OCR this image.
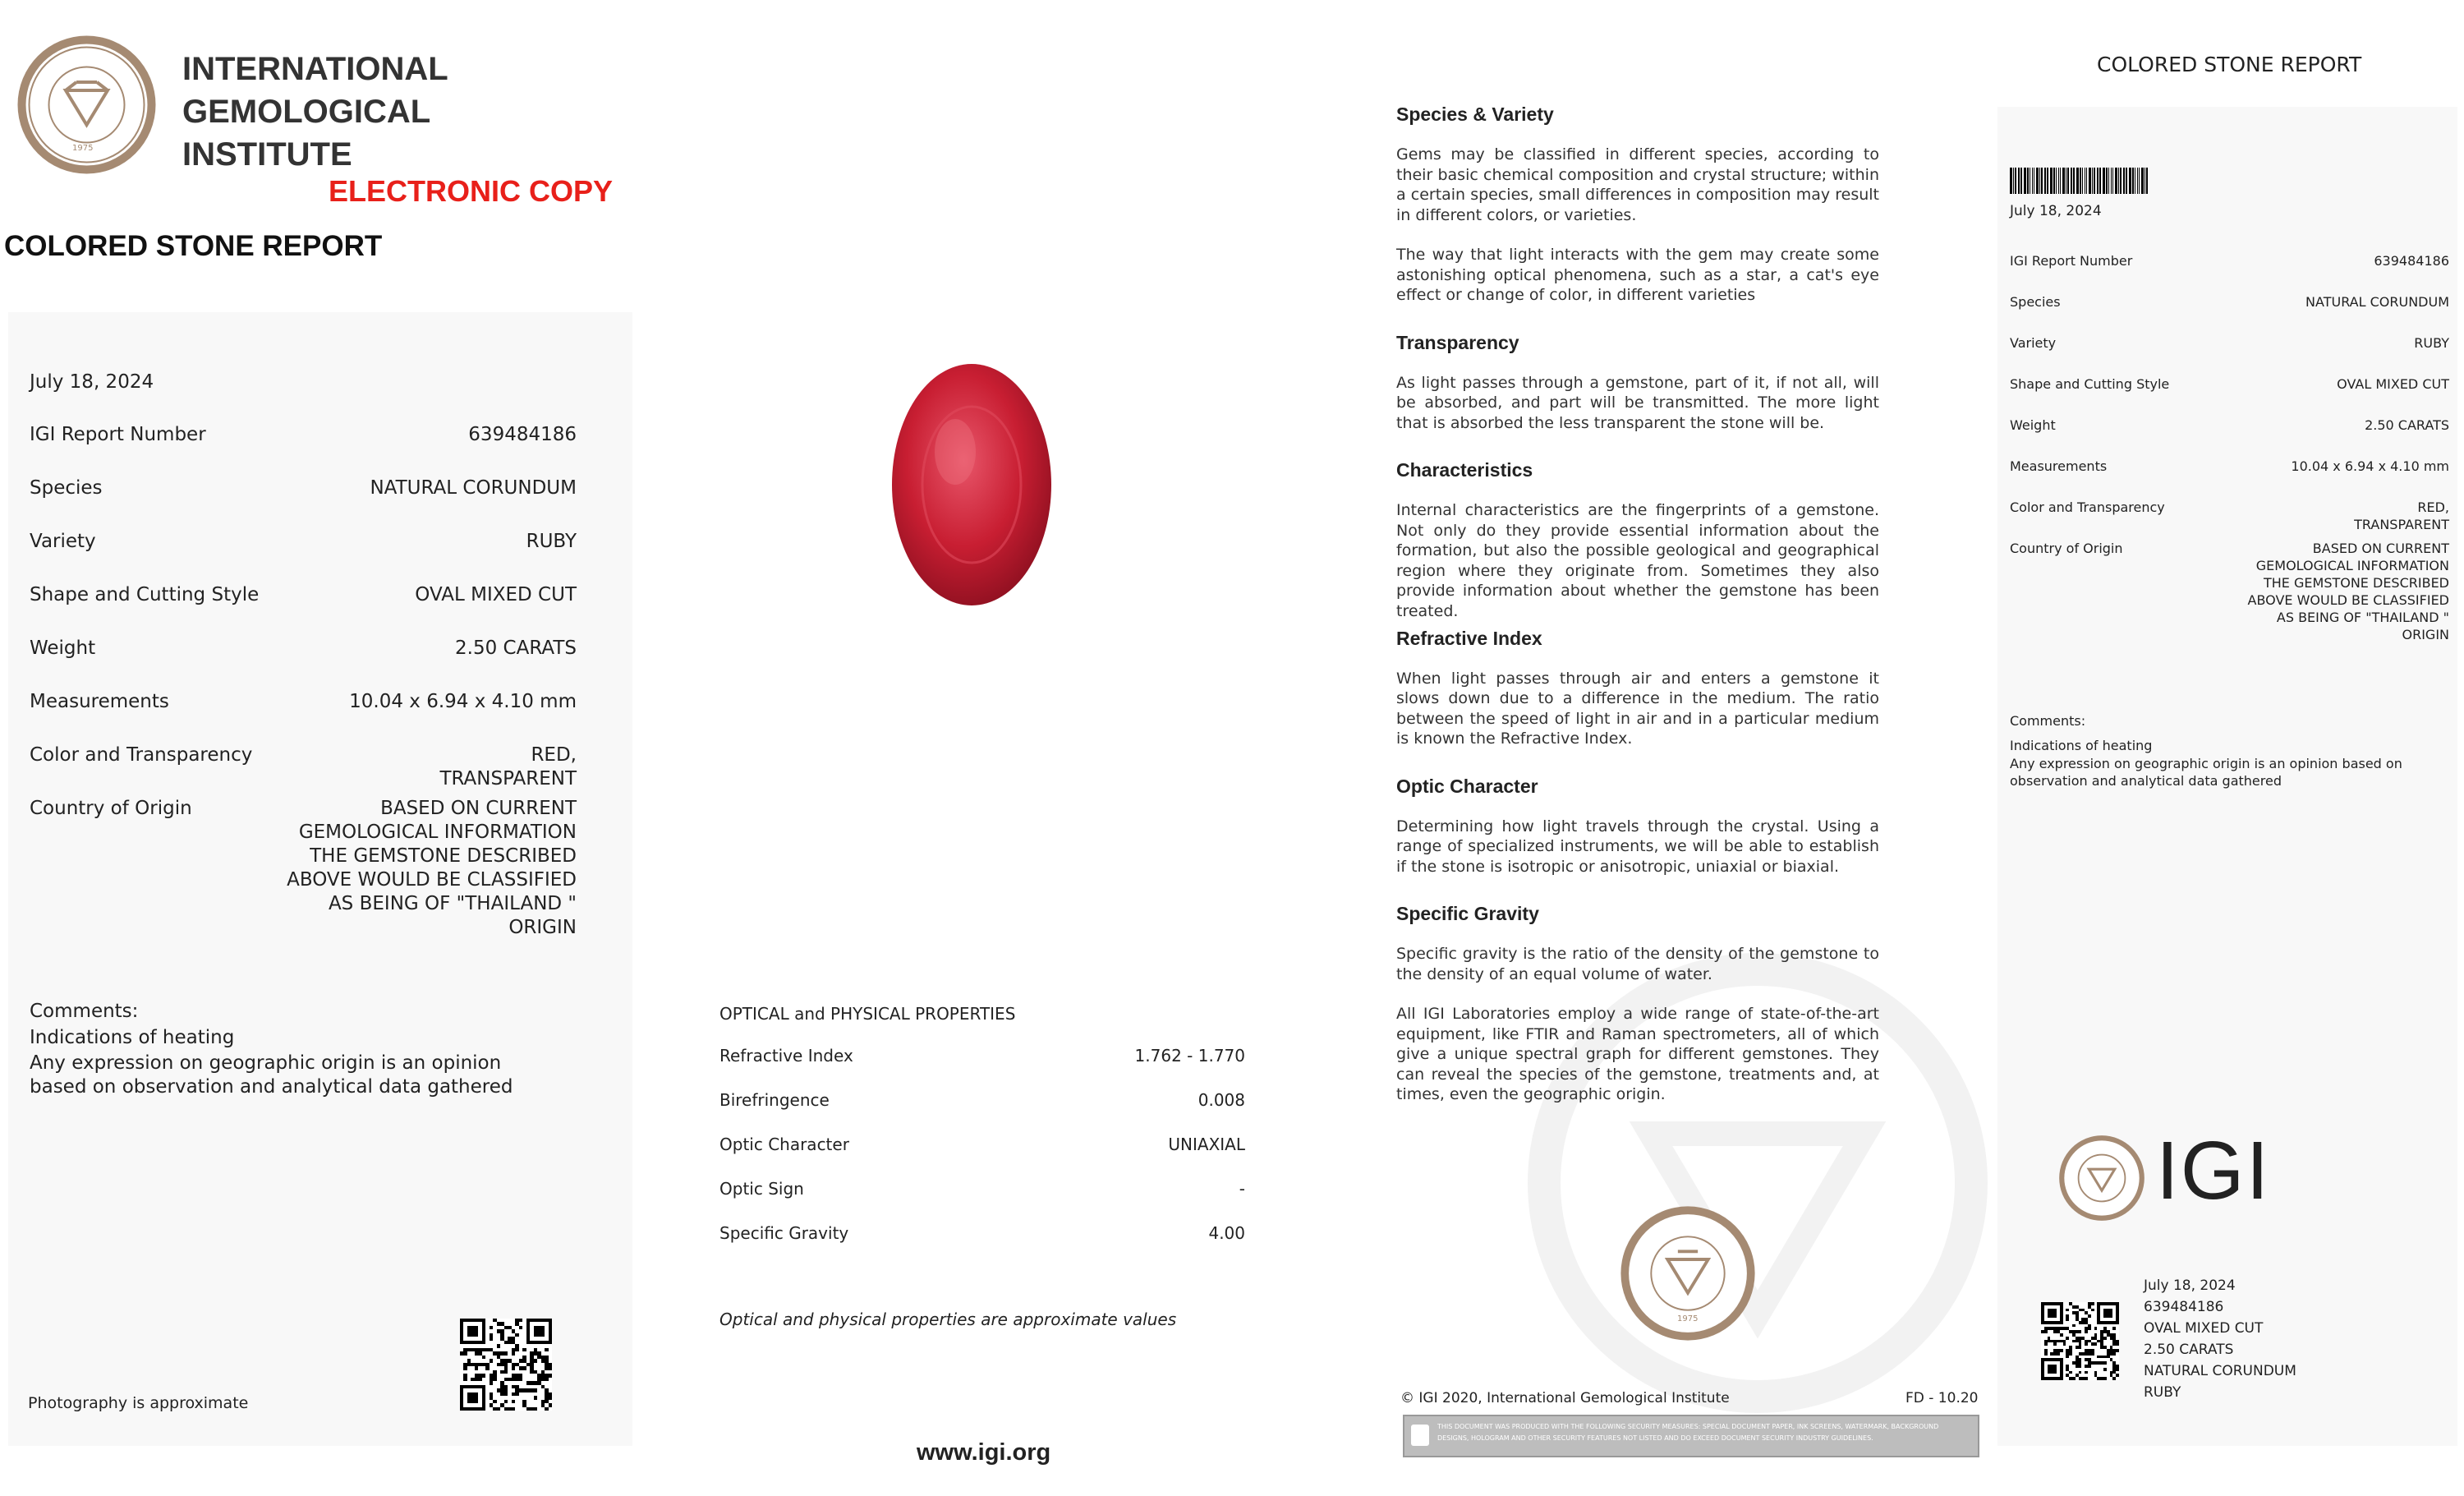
1975
INTERNATIONAL
GEMOLOGICAL
INSTITUTE
ELECTRONIC COPY
COLORED STONE REPORT
July 18, 2024
IGI Report Number	639484186
Species	NATURAL CORUNDUM
Variety	RUBY
Shape and Cutting Style	OVAL MIXED CUT
Weight	2.50 CARATS
Measurements	10.04 x 6.94 x 4.10 mm
Color and Transparency	RED,
TRANSPARENT
Country of Origin	BASED ON CURRENT
GEMOLOGICAL INFORMATION
THE GEMSTONE DESCRIBED
ABOVE WOULD BE CLASSIFIED
AS BEING OF "THAILAND "
ORIGIN
Comments:
Indications of heating
Any expression on geographic origin is an opinion based on observation and analytical data gathered
Photography is approximate
OPTICAL and PHYSICAL PROPERTIES
Refractive Index	1.762 - 1.770
Birefringence	0.008
Optic Character	UNIAXIAL
Optic Sign	-
Specific Gravity	4.00
Optical and physical properties are approximate values
www.igi.org
Species & Variety
Gems may be classified in different species, according to their basic chemical composition and crystal structure; within a certain species, small differences in composition may result in different colors, or varieties.
The way that light interacts with the gem may create some astonishing optical phenomena, such as a star, a cat's eye effect or change of color, in different varieties
Transparency
As light passes through a gemstone, part of it, if not all, will be absorbed, and part will be transmitted. The more light that is absorbed the less transparent the stone will be.
Characteristics
Internal characteristics are the fingerprints of a gemstone. Not only do they provide essential information about the formation, but also the possible geological and geographical region where they originate from. Sometimes they also provide information about whether the gemstone has been treated.
Refractive Index
When light passes through air and enters a gemstone it slows down due to a difference in the medium. The ratio between the speed of light in air and in a particular medium is known the Refractive Index.
Optic Character
Determining how light travels through the crystal. Using a range of specialized instruments, we will be able to establish if the stone is isotropic or anisotropic, uniaxial or biaxial.
Specific Gravity
Specific gravity is the ratio of the density of the gemstone to the density of an equal volume of water.
All IGI Laboratories employ a wide range of state-of-the-art equipment, like FTIR and Raman spectrometers, all of which give a unique spectral graph for different gemstones. They can reveal the species of the gemstone, treatments and, at times, even the geographic origin.
1975
© IGI 2020, International Gemological Institute	FD - 10.20
THIS DOCUMENT WAS PRODUCED WITH THE FOLLOWING SECURITY MEASURES: SPECIAL DOCUMENT PAPER, INK SCREENS, WATERMARK, BACKGROUND DESIGNS, HOLOGRAM AND OTHER SECURITY FEATURES NOT LISTED AND DO EXCEED DOCUMENT SECURITY INDUSTRY GUIDELINES.
COLORED STONE REPORT
July 18, 2024
IGI Report Number	639484186
Species	NATURAL CORUNDUM
Variety	RUBY
Shape and Cutting Style	OVAL MIXED CUT
Weight	2.50 CARATS
Measurements	10.04 x 6.94 x 4.10 mm
Color and Transparency	RED,
TRANSPARENT
Country of Origin	BASED ON CURRENT
GEMOLOGICAL INFORMATION
THE GEMSTONE DESCRIBED
ABOVE WOULD BE CLASSIFIED
AS BEING OF "THAILAND "
ORIGIN
Comments:
Indications of heating
Any expression on geographic origin is an opinion based on observation and analytical data gathered
IGI
July 18, 2024
639484186
OVAL MIXED CUT
2.50 CARATS
NATURAL CORUNDUM
RUBY
